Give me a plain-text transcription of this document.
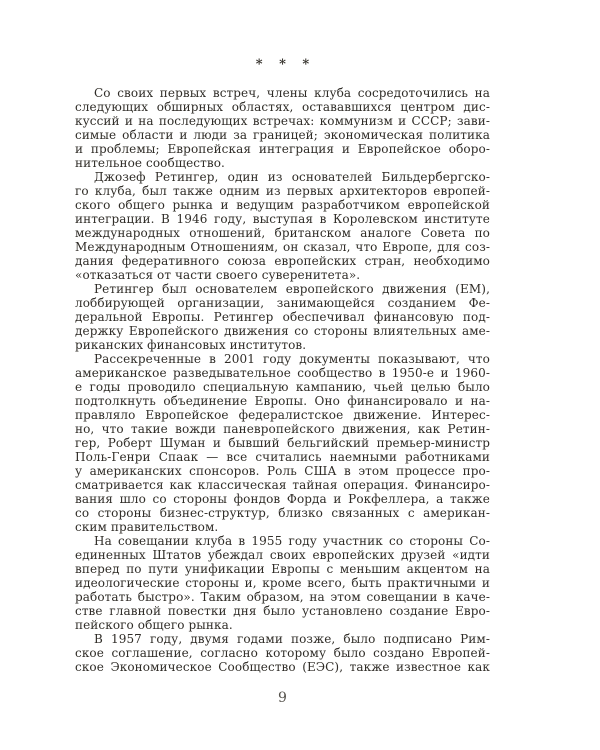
* * *
Со своих первых встреч, члены клуба сосредоточились на
следующих обширных областях, остававшихся центром дис-
куссий и на последующих встречах: коммунизм и СССР; зави-
симые области и люди за границей; экономическая политика
и проблемы; Европейская интеграция и Европейское оборо-
нительное сообщество.
Джозеф Ретингер, один из основателей Бильдербергско-
го клуба, был также одним из первых архитекторов европей-
ского общего рынка и ведущим разработчиком европейской
интеграции. В 1946 году, выступая в Королевском институте
международных отношений, британском аналоге Совета по
Международным Отношениям, он сказал, что Европе, для соз-
дания федеративного союза европейских стран, необходимо
«отказаться от части своего суверенитета».
Ретингер был основателем европейского движения (ЕМ),
лоббирующей организации, занимающейся созданием Фе-
деральной Европы. Ретингер обеспечивал финансовую под-
держку Европейского движения со стороны влиятельных аме-
риканских финансовых институтов.
Рассекреченные в 2001 году документы показывают, что
американское разведывательное сообщество в 1950-е и 1960-
е годы проводило специальную кампанию, чьей целью было
подтолкнуть объединение Европы. Оно финансировало и на-
правляло Европейское федералистское движение. Интерес-
но, что такие вожди паневропейского движения, как Ретин-
гер, Роберт Шуман и бывший бельгийский премьер-министр
Поль-Генри Спаак — все считались наемными работниками
у американских спонсоров. Роль США в этом процессе про-
сматривается как классическая тайная операция. Финансиро-
вания шло со стороны фондов Форда и Рокфеллера, а также
со стороны бизнес-структур, близко связанных с американ-
ским правительством.
На совещании клуба в 1955 году участник со стороны Со-
единенных Штатов убеждал своих европейских друзей «идти
вперед по пути унификации Европы с меньшим акцентом на
идеологические стороны и, кроме всего, быть практичными и
работать быстро». Таким образом, на этом совещании в каче-
стве главной повестки дня было установлено создание Евро-
пейского общего рынка.
В 1957 году, двумя годами позже, было подписано Рим-
ское соглашение, согласно которому было создано Европей-
ское Экономическое Сообщество (ЕЭС), также известное как
9
